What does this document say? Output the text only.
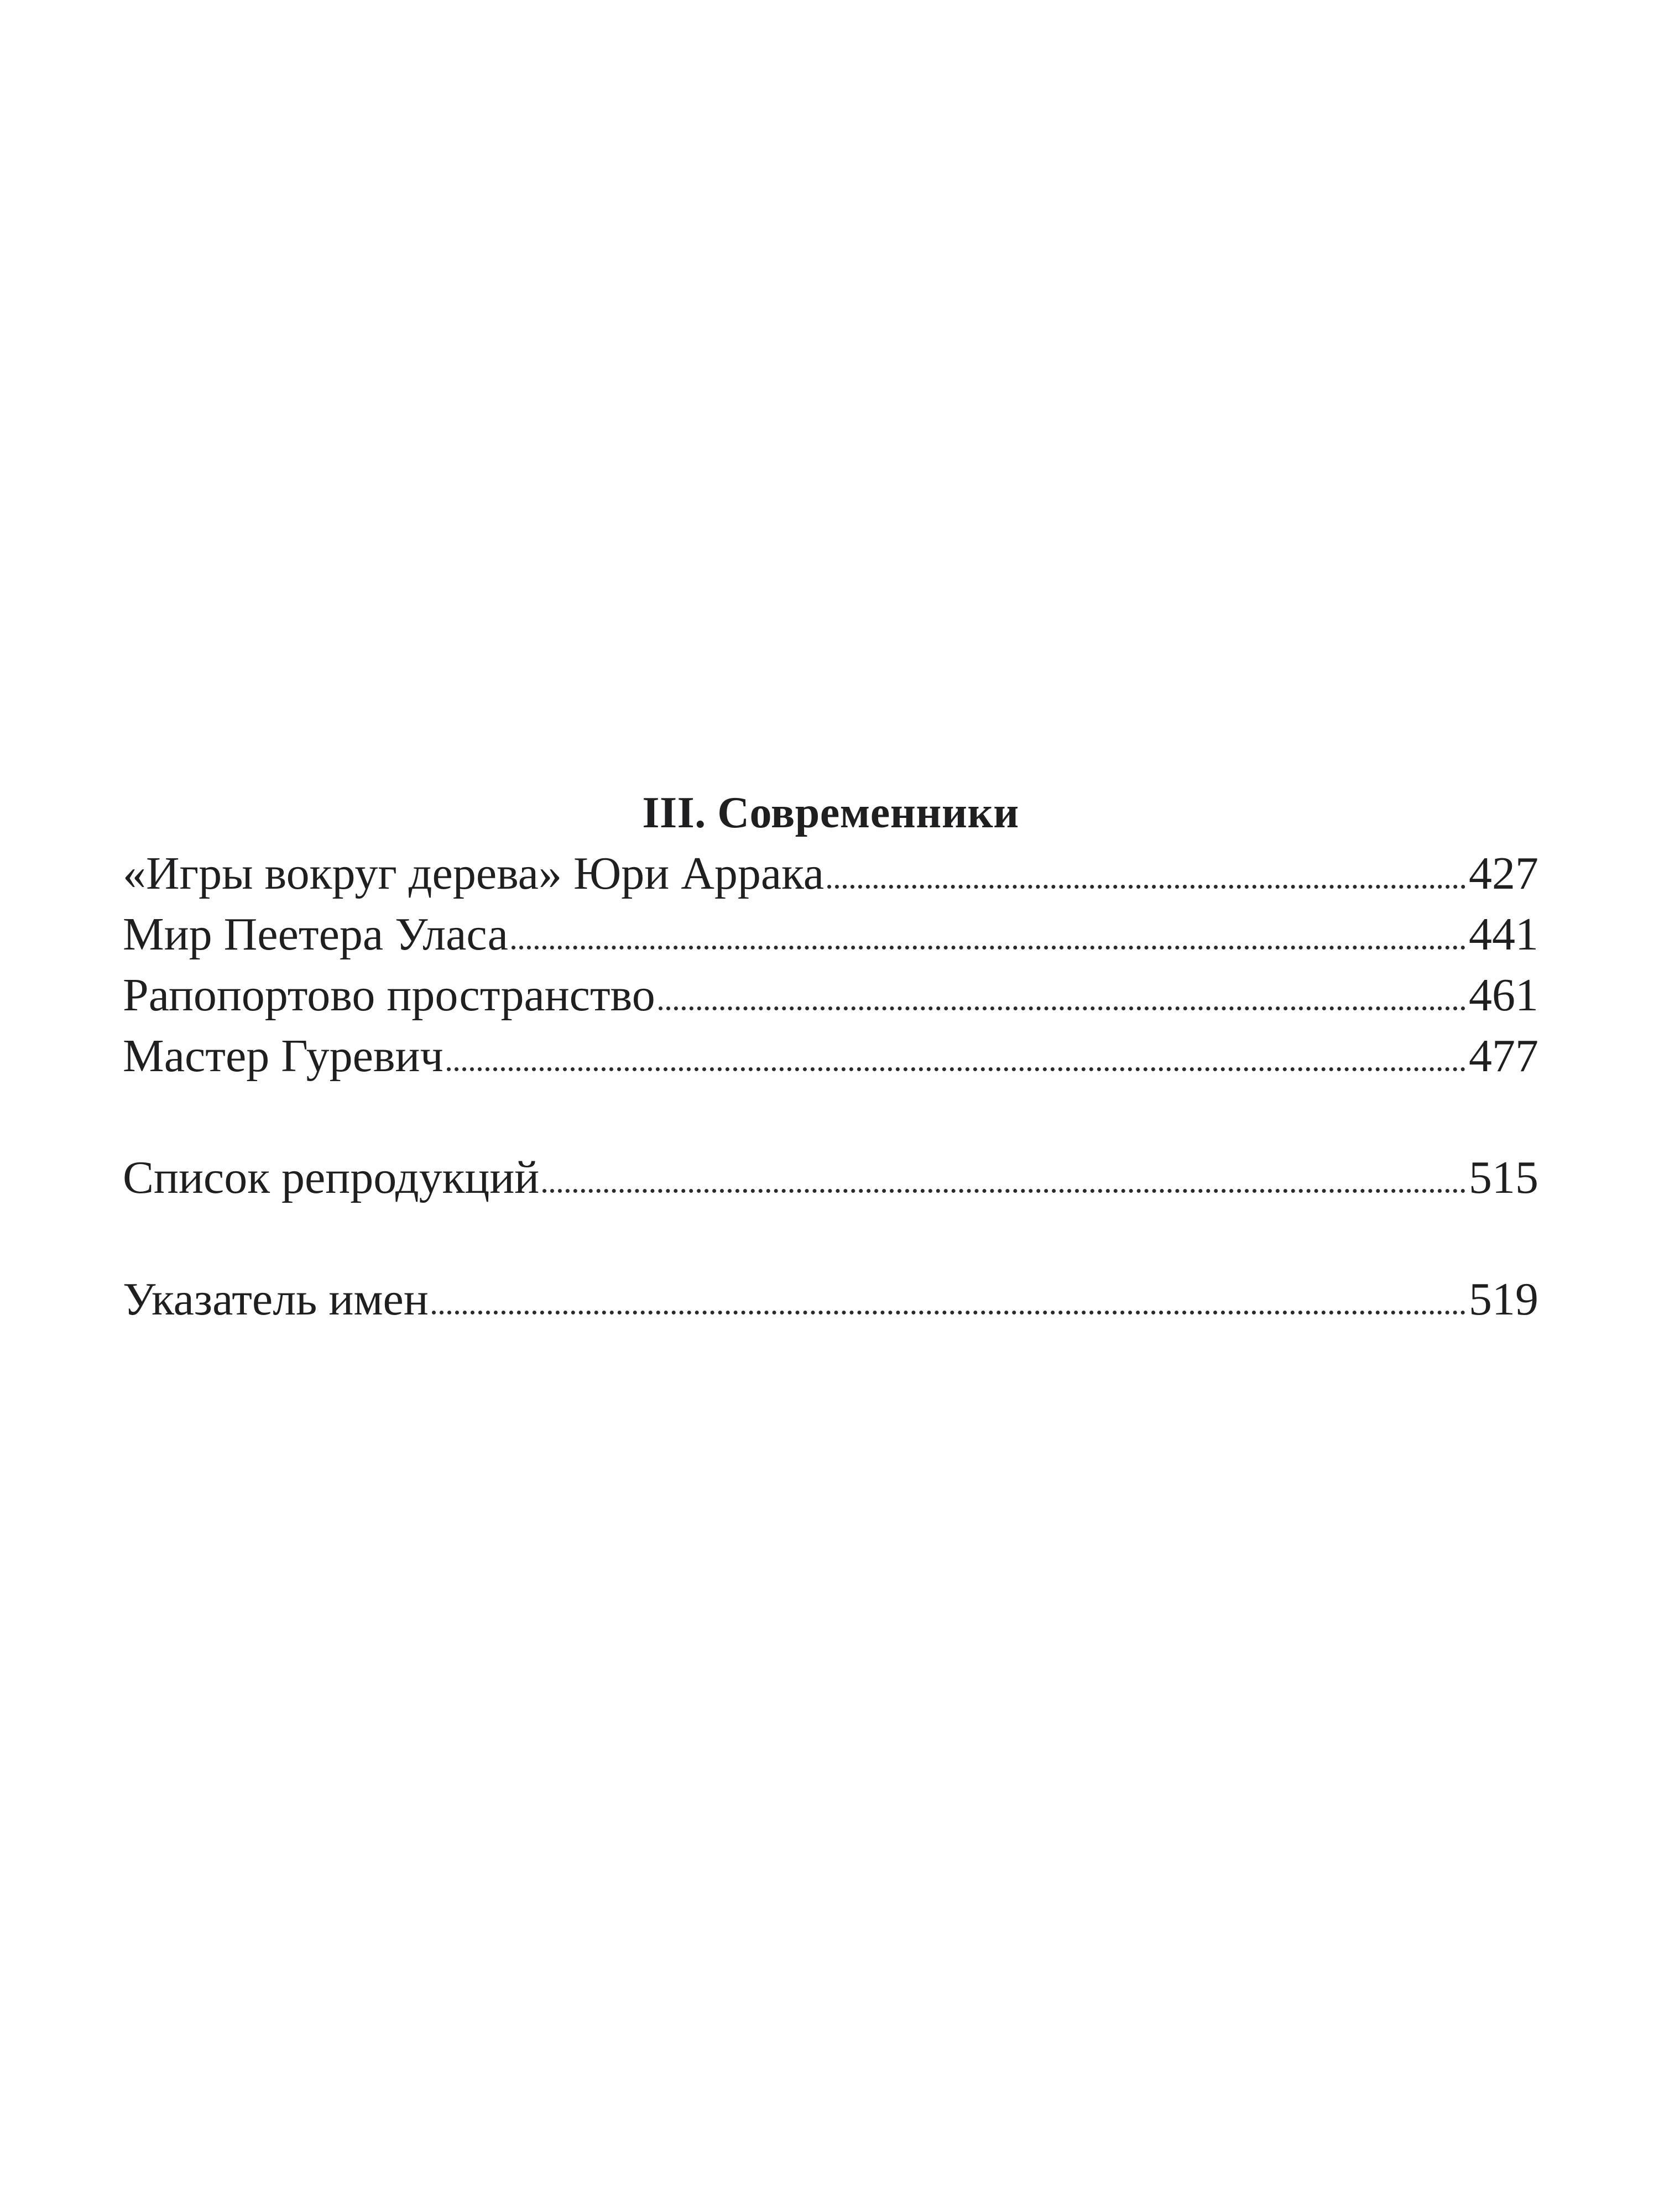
III. Современники
«Игры вокруг дерева» Юри Аррака	427
Мир Пеетера Уласа	441
Рапопортово пространство	461
Мастер Гуревич	477
Список репродукций	515
Указатель имен	519
